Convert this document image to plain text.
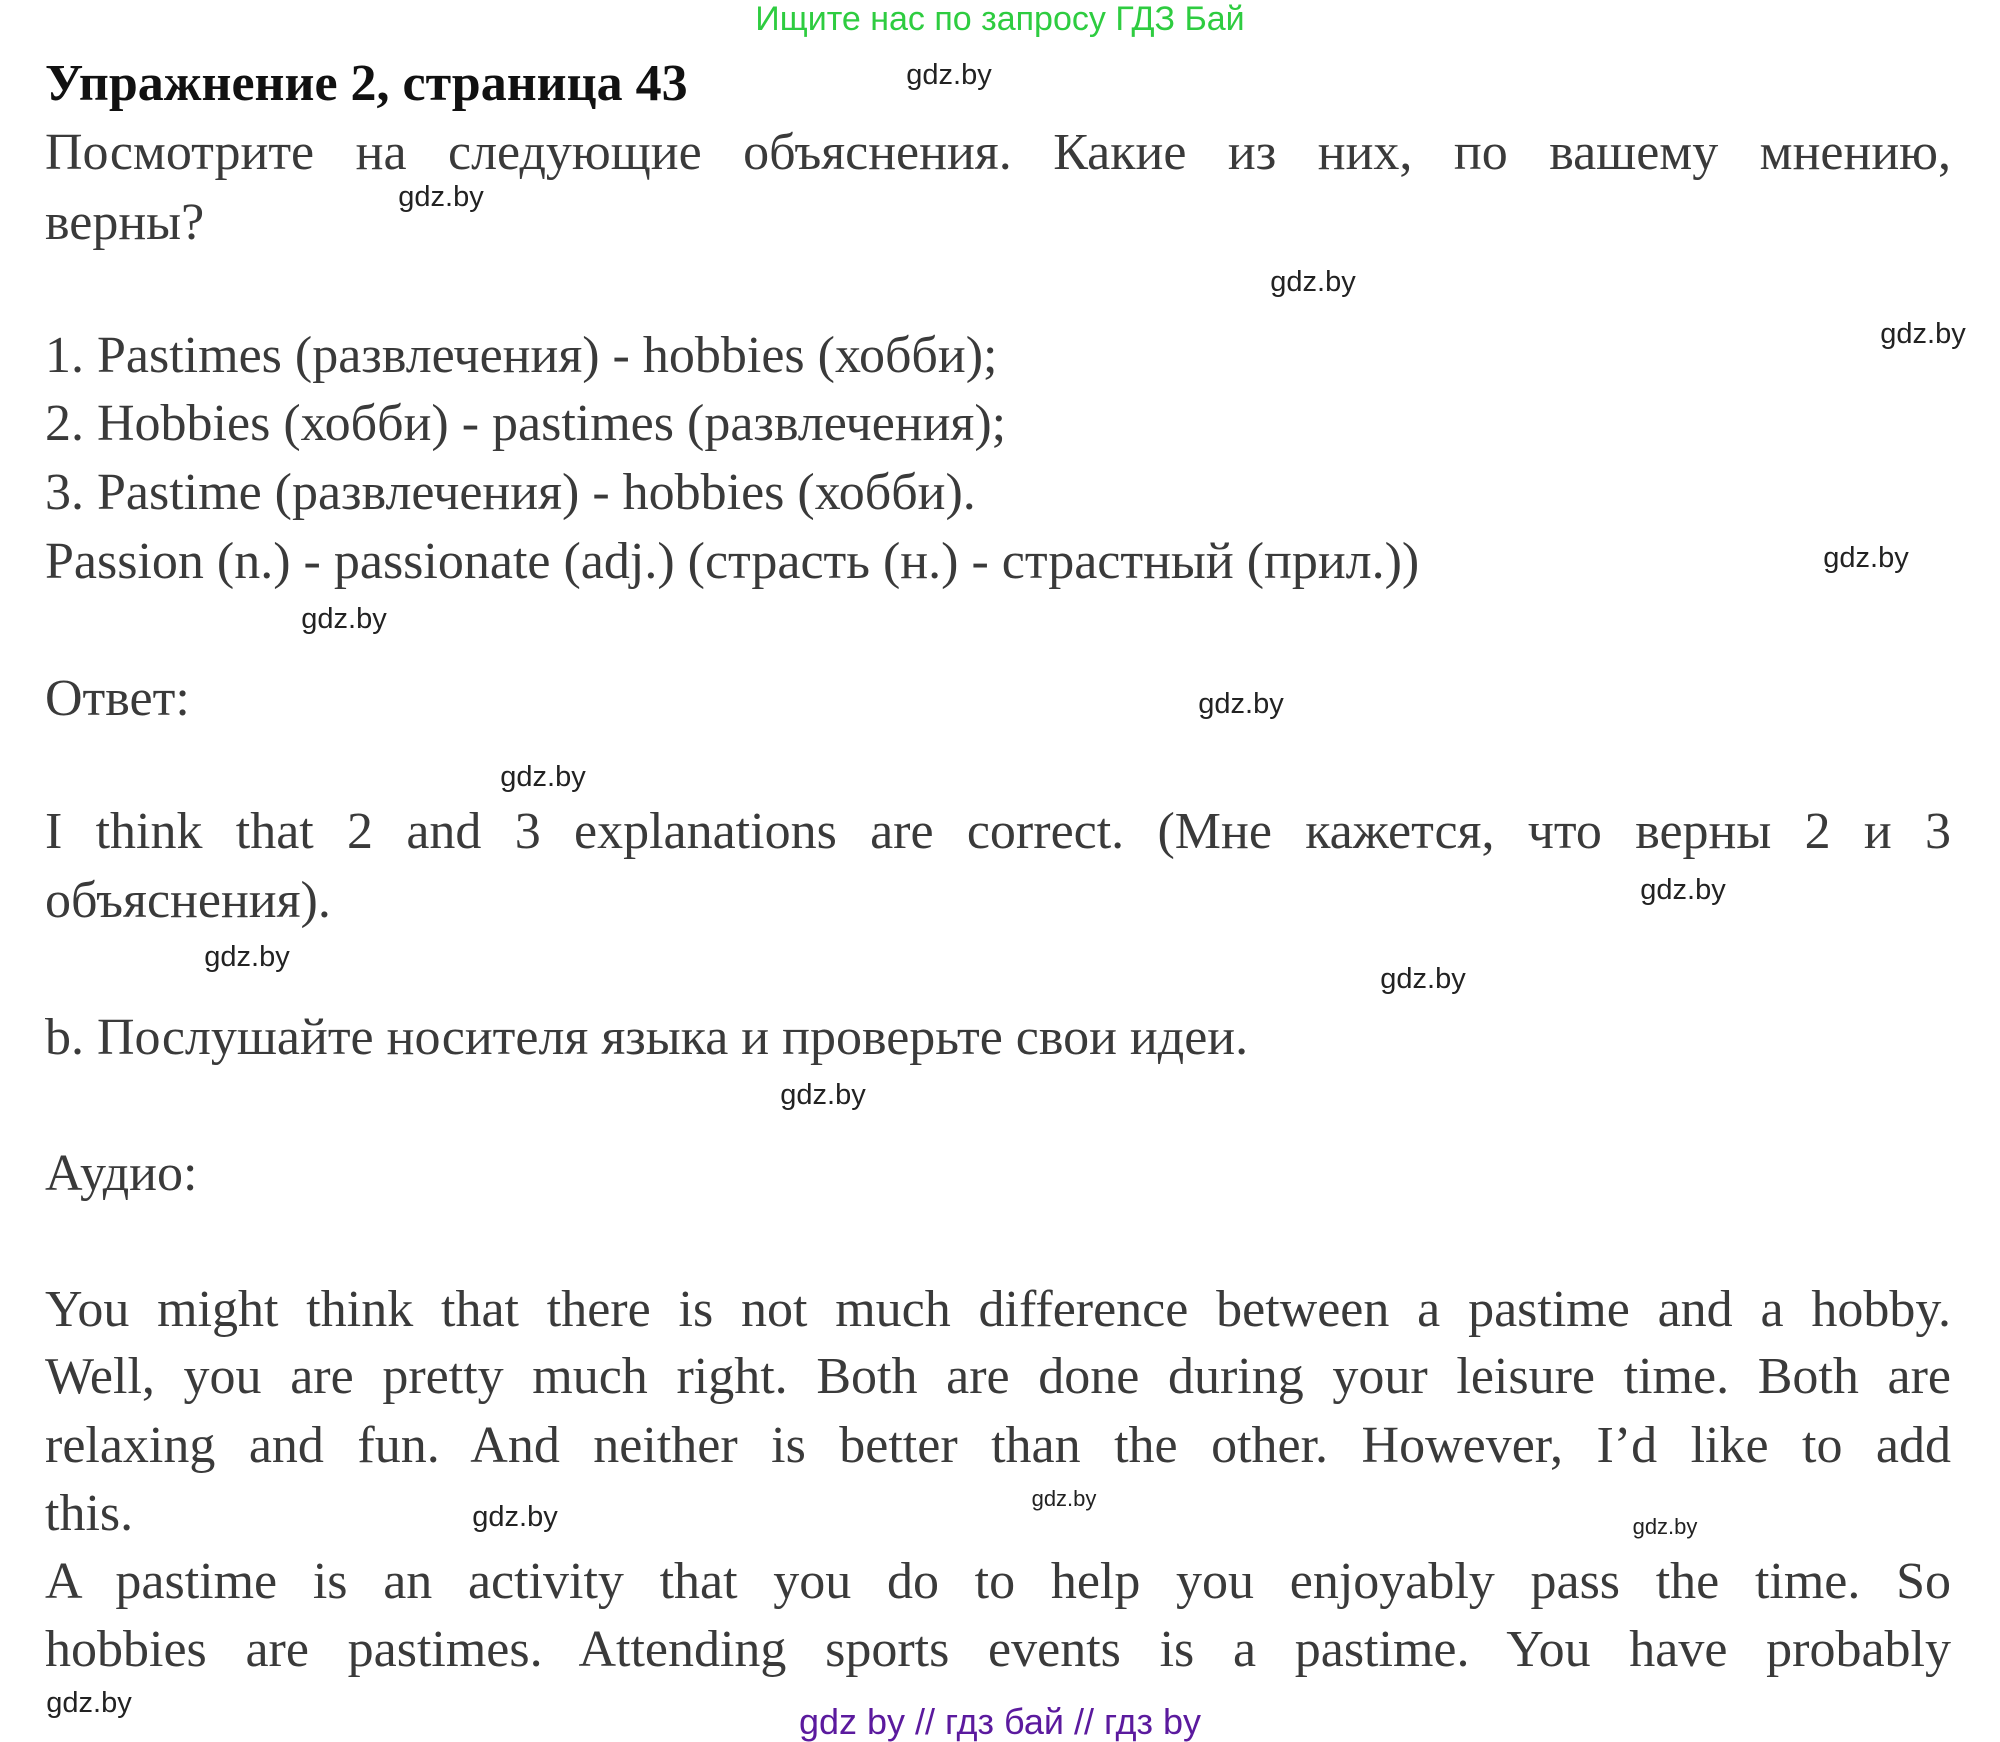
Ищите нас по запросу ГДЗ Бай
Упражнение 2, страница 43
Посмотрите на следующие объяснения. Какие из них, по вашему мнению,
верны?
1. Pastimes (развлечения) - hobbies (хобби);
2. Hobbies (хобби) - pastimes (развлечения);
3. Pastime (развлечения) - hobbies (хобби).
Passion (n.) - passionate (adj.) (страсть (н.) - страстный (прил.))
Ответ:
I think that 2 and 3 explanations are correct. (Мне кажется, что верны 2 и 3
объяснения).
b. Послушайте носителя языка и проверьте свои идеи.
Аудио:
You might think that there is not much difference between a pastime and a hobby.
Well, you are pretty much right. Both are done during your leisure time. Both are
relaxing and fun. And neither is better than the other. However, I’d like to add
this.
A pastime is an activity that you do to help you enjoyably pass the time. So
hobbies are pastimes. Attending sports events is a pastime. You have probably
gdz.by
gdz.by
gdz.by
gdz.by
gdz.by
gdz.by
gdz.by
gdz.by
gdz.by
gdz.by
gdz.by
gdz.by
gdz.by
gdz.by	gdz.by
gdz.by	gdz by // гдз бай // гдз by
